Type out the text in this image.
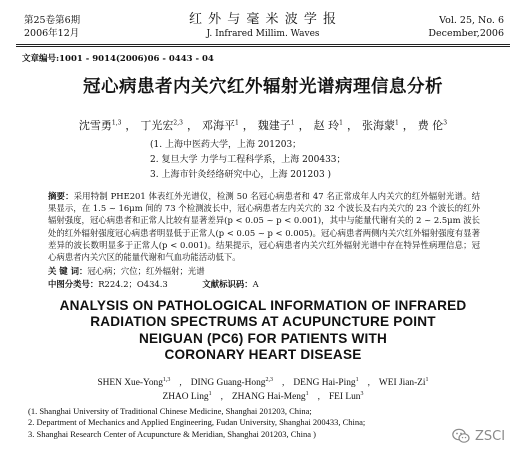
第25卷第6期
2006年12月
红 外 与 毫 米 波 学 报
J. Infrared Millim. Waves
Vol. 25, No. 6
December,2006
文章编号:1001 - 9014(2006)06 - 0443 - 04
冠心病患者内关穴红外辐射光谱病理信息分析
沈雪勇$^{1,3}$ ， 丁光宏$^{2,3}$ ， 邓海平$^1$ ， 魏建子$^1$ ， 赵 玲$^1$ ， 张海蒙$^1$ ， 费 伦$^3$
(1. 上海中医药大学，上海 201203；
2. 复旦大学 力学与工程科学系，上海 200433；
3. 上海市针灸经络研究中心，上海 201203 )
摘要：采用特制 PHE201 体表红外光谱仪，检测 50 名冠心病患者和 47 名正常成年人内关穴的红外辐射光谱。结果显示，在 1.5 ~ 16μm 间的 73 个检测波长中，冠心病患者左内关穴的 32 个波长及右内关穴的 23 个波长的红外辐射强度，冠心病患者和正常人比较有显著差异(p < 0.05 ~ p < 0.001)，其中与能量代谢有关的 2 ~ 2.5μm 波长处的红外辐射强度冠心病患者明显低于正常人(p < 0.05 ~ p < 0.005)。冠心病患者两侧内关穴红外辐射强度有显著差异的波长数明显多于正常人(p < 0.001)。结果提示，冠心病患者内关穴红外辐射光谱中存在特异性病理信息；冠心病患者内关穴区的能量代谢和气血功能活动低下。
关 键 词：冠心病；穴位；红外辐射；光谱
中图分类号：R224.2；O434.3	文献标识码：A
ANALYSIS ON PATHOLOGICAL INFORMATION OF INFRARED
RADIATION SPECTRUMS AT ACUPUNCTURE POINT
NEIGUAN (PC6) FOR PATIENTS WITH
CORONARY HEART DISEASE
SHEN Xue-Yong$^{1,3}$ , DING Guang-Hong$^{2,3}$ , DENG Hai-Ping$^1$ , WEI Jian-Zi$^1$
ZHAO Ling$^1$ , ZHANG Hai-Meng$^1$ , FEI Lun$^3$
(1. Shanghai University of Traditional Chinese Medicine, Shanghai 201203, China;
2. Department of Mechanics and Applied Engineering, Fudan University, Shanghai 200433, China;
3. Shanghai Research Center of Acupuncture & Meridian, Shanghai 201203, China )	ZSCI
